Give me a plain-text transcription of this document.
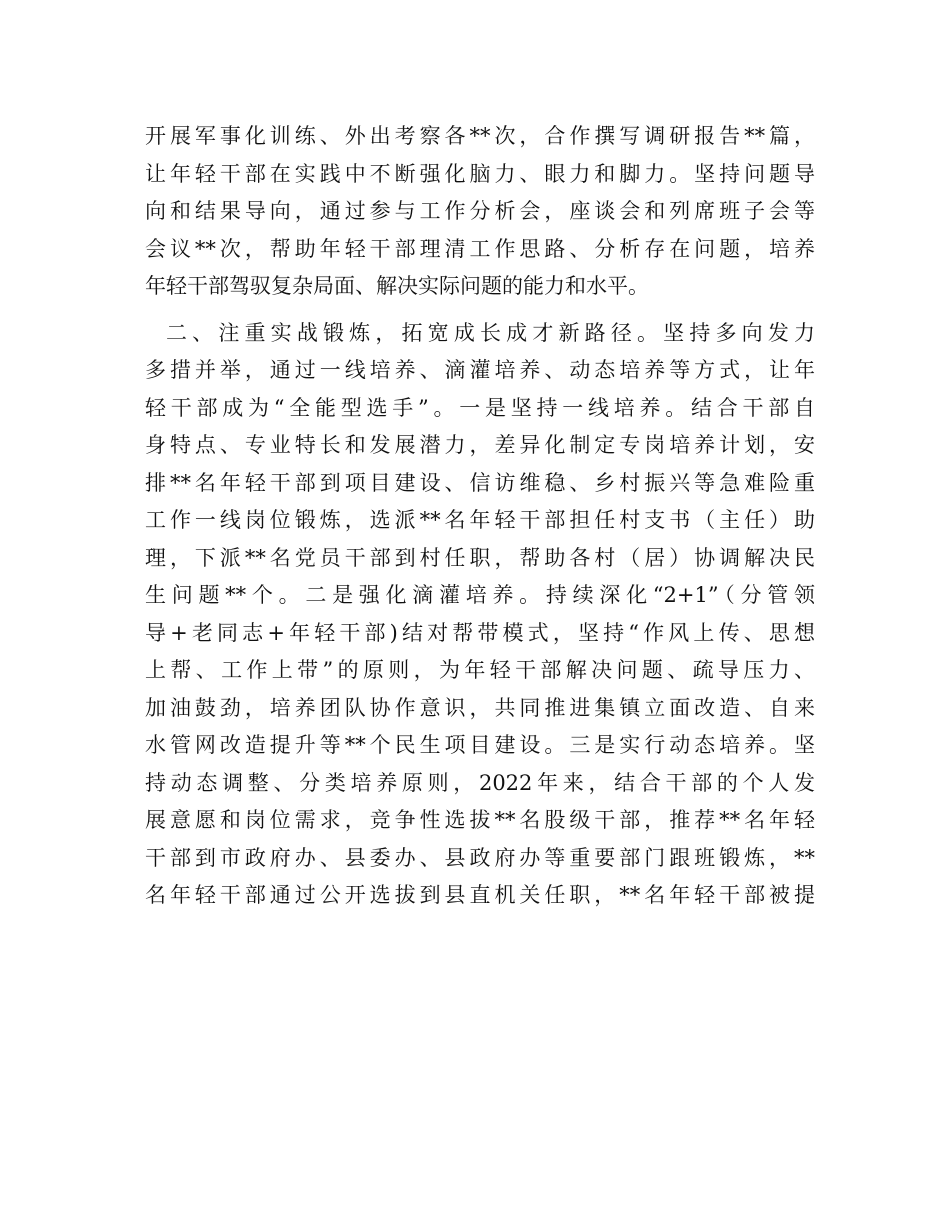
开展军事化训练、外出考察各**次，合作撰写调研报告**篇，
让年轻干部在实践中不断强化脑力、眼力和脚力。坚持问题导
向和结果导向，通过参与工作分析会，座谈会和列席班子会等
会议**次，帮助年轻干部理清工作思路、分析存在问题，培养
年轻干部驾驭复杂局面、解决实际问题的能力和水平。
二、注重实战锻炼，拓宽成长成才新路径。坚持多向发力
多措并举，通过一线培养、滴灌培养、动态培养等方式，让年
轻干部成为“全能型选手”。一是坚持一线培养。结合干部自
身特点、专业特长和发展潜力，差异化制定专岗培养计划，安
排**名年轻干部到项目建设、信访维稳、乡村振兴等急难险重
工作一线岗位锻炼，选派**名年轻干部担任村支书（主任）助
理，下派**名党员干部到村任职，帮助各村（居）协调解决民
生问题**个。二是强化滴灌培养。持续深化“2+1”（分管领
导+老同志+年轻干部)结对帮带模式，坚持“作风上传、思想
上帮、工作上带”的原则，为年轻干部解决问题、疏导压力、
加油鼓劲，培养团队协作意识，共同推进集镇立面改造、自来
水管网改造提升等**个民生项目建设。三是实行动态培养。坚
持动态调整、分类培养原则，2022年来，结合干部的个人发
展意愿和岗位需求，竞争性选拔**名股级干部，推荐**名年轻
干部到市政府办、县委办、县政府办等重要部门跟班锻炼，**
名年轻干部通过公开选拔到县直机关任职，**名年轻干部被提
